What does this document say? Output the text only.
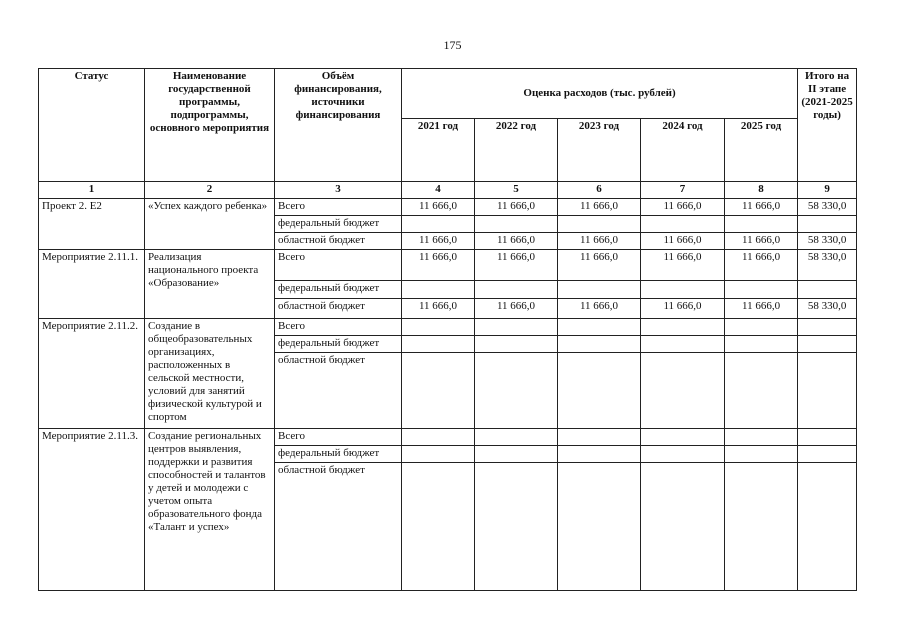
175
Статус	Наименование государственной программы, подпрограммы, основного мероприятия	Объём финансирования, источники финансирования	Оценка расходов (тыс. рублей)					Итого на II этапе (2021-2025 годы)
			2021 год	2022 год	2023 год	2024 год	2025 год	
1	2	3	4	5	6	7	8	9
Проект 2. Е2	«Успех каждого ребенка»	Всего	11 666,0	11 666,0	11 666,0	11 666,0	11 666,0	58 330,0
		федеральный бюджет						
		областной бюджет	11 666,0	11 666,0	11 666,0	11 666,0	11 666,0	58 330,0
Мероприятие 2.11.1.	Реализация национального проекта «Образование»	Всего	11 666,0	11 666,0	11 666,0	11 666,0	11 666,0	58 330,0
		федеральный бюджет						
		областной бюджет	11 666,0	11 666,0	11 666,0	11 666,0	11 666,0	58 330,0
Мероприятие 2.11.2.	Создание в общеобразовательных организациях, расположенных в сельской местности, условий для занятий физической культурой и спортом	Всего						
		федеральный бюджет						
		областной бюджет						
Мероприятие 2.11.3.	Создание региональных центров выявления, поддержки и развития способностей и талантов у детей и молодежи с учетом опыта образовательного фонда «Талант и успех»	Всего						
		федеральный бюджет						
		областной бюджет						
